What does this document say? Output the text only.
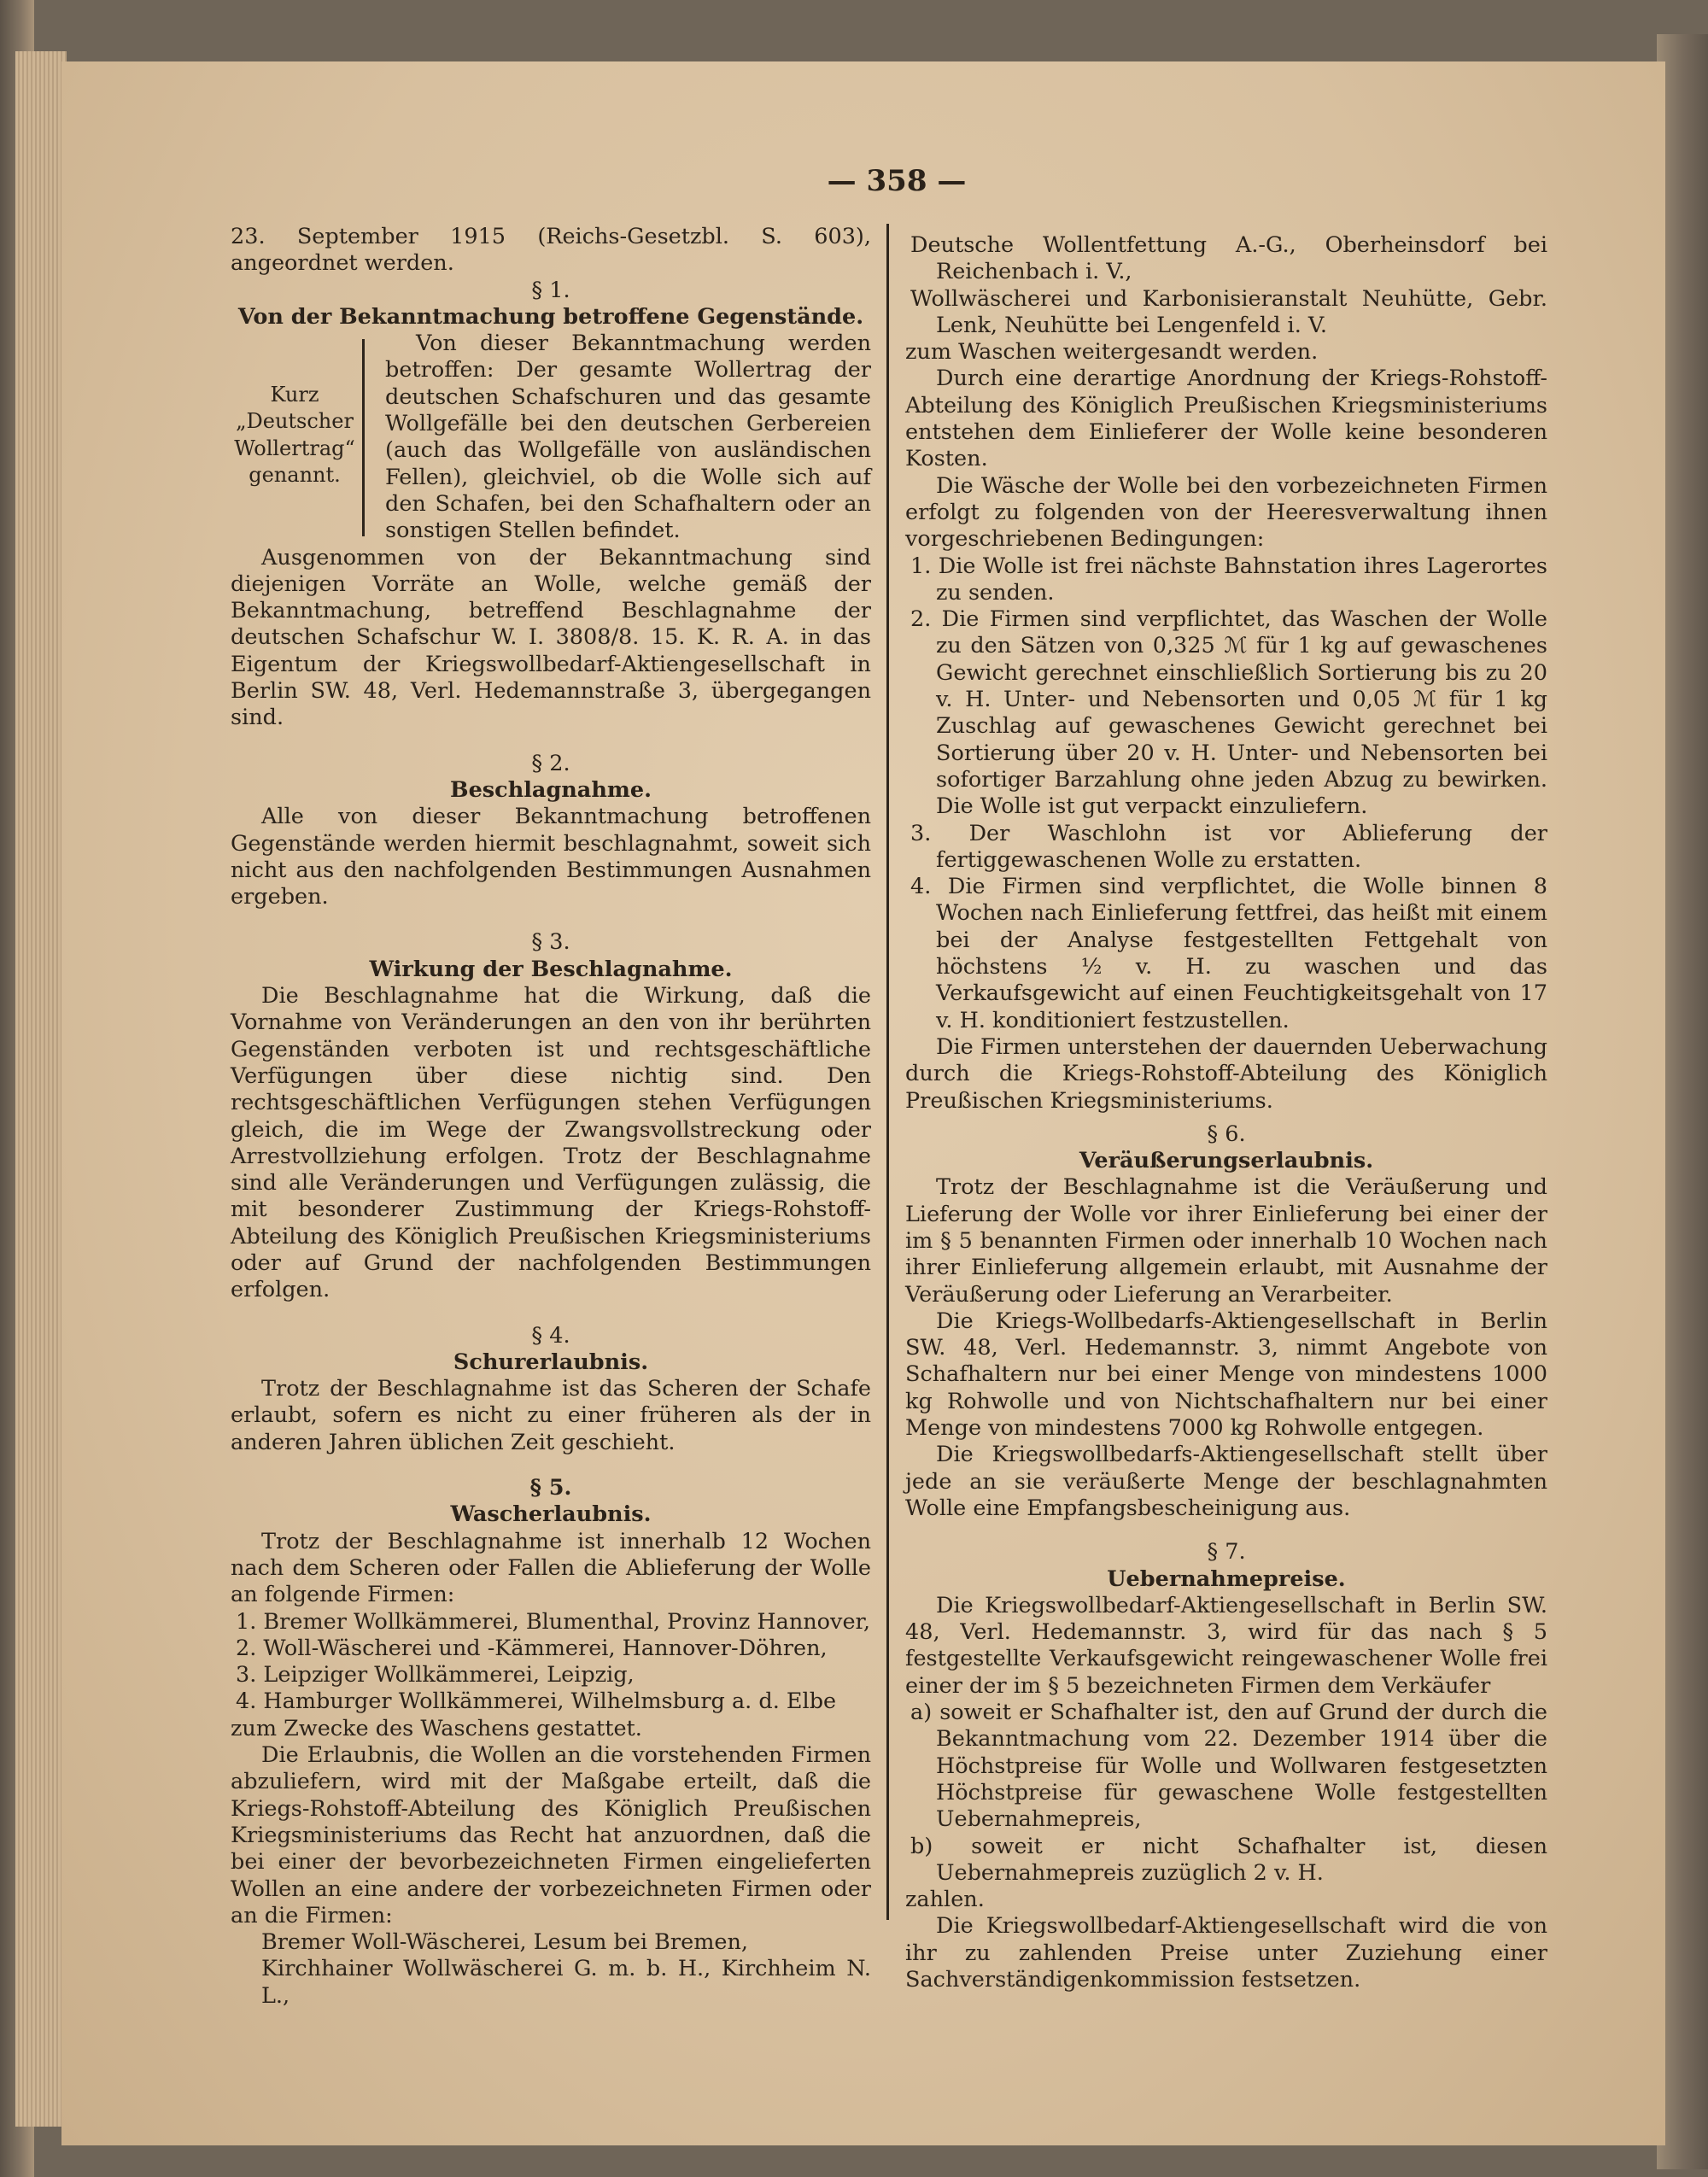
— 358 —

23. September 1915 (Reichs-Gesetzbl. S. 603), angeordnet werden.

§ 1.

Von der Bekanntmachung betroffene Gegenstände.

Kurz „Deutscher Wollertrag“ genannt.

Von dieser Bekanntmachung werden betroffen: Der gesamte Wollertrag der deutschen Schafschuren und das gesamte Wollgefälle bei den deutschen Gerbereien (auch das Wollgefälle von ausländischen Fellen), gleichviel, ob die Wolle sich auf den Schafen, bei den Schafhaltern oder an sonstigen Stellen befindet.

Ausgenommen von der Bekanntmachung sind diejenigen Vorräte an Wolle, welche gemäß der Bekanntmachung, betreffend Beschlagnahme der deutschen Schafschur W. I. 3808/8. 15. K. R. A. in das Eigentum der Kriegswollbedarf-Aktiengesellschaft in Berlin SW. 48, Verl. Hedemannstraße 3, übergegangen sind.

§ 2.

Beschlagnahme.

Alle von dieser Bekanntmachung betroffenen Gegenstände werden hiermit beschlagnahmt, soweit sich nicht aus den nachfolgenden Bestimmungen Ausnahmen ergeben.

§ 3.

Wirkung der Beschlagnahme.

Die Beschlagnahme hat die Wirkung, daß die Vornahme von Veränderungen an den von ihr berührten Gegenständen verboten ist und rechtsgeschäftliche Verfügungen über diese nichtig sind. Den rechtsgeschäftlichen Verfügungen stehen Verfügungen gleich, die im Wege der Zwangsvollstreckung oder Arrestvollziehung erfolgen. Trotz der Beschlagnahme sind alle Veränderungen und Verfügungen zulässig, die mit besonderer Zustimmung der Kriegs-Rohstoff-Abteilung des Königlich Preußischen Kriegsministeriums oder auf Grund der nachfolgenden Bestimmungen erfolgen.

§ 4.

Schurerlaubnis.

Trotz der Beschlagnahme ist das Scheren der Schafe erlaubt, sofern es nicht zu einer früheren als der in anderen Jahren üblichen Zeit geschieht.

§ 5.

Wascherlaubnis.

Trotz der Beschlagnahme ist innerhalb 12 Wochen nach dem Scheren oder Fallen die Ablieferung der Wolle an folgende Firmen:

1. Bremer Wollkämmerei, Blumenthal, Provinz Hannover,

2. Woll-Wäscherei und -Kämmerei, Hannover-Döhren,

3. Leipziger Wollkämmerei, Leipzig,

4. Hamburger Wollkämmerei, Wilhelmsburg a. d. Elbe

zum Zwecke des Waschens gestattet.

Die Erlaubnis, die Wollen an die vorstehenden Firmen abzuliefern, wird mit der Maßgabe erteilt, daß die Kriegs-Rohstoff-Abteilung des Königlich Preußischen Kriegsministeriums das Recht hat anzuordnen, daß die bei einer der bevorbezeichneten Firmen eingelieferten Wollen an eine andere der vorbezeichneten Firmen oder an die Firmen:

Bremer Woll-Wäscherei, Lesum bei Bremen,

Kirchhainer Wollwäscherei G. m. b. H., Kirchheim N. L.,

Deutsche Wollentfettung A.-G., Oberheinsdorf bei Reichenbach i. V.,

Wollwäscherei und Karbonisieranstalt Neuhütte, Gebr. Lenk, Neuhütte bei Lengenfeld i. V.

zum Waschen weitergesandt werden.

Durch eine derartige Anordnung der Kriegs-Rohstoff-Abteilung des Königlich Preußischen Kriegsministeriums entstehen dem Einlieferer der Wolle keine besonderen Kosten.

Die Wäsche der Wolle bei den vorbezeichneten Firmen erfolgt zu folgenden von der Heeresverwaltung ihnen vorgeschriebenen Bedingungen:

1. Die Wolle ist frei nächste Bahnstation ihres Lagerortes zu senden.

2. Die Firmen sind verpflichtet, das Waschen der Wolle zu den Sätzen von 0,325 ℳ für 1 kg auf gewaschenes Gewicht gerechnet einschließlich Sortierung bis zu 20 v. H. Unter- und Nebensorten und 0,05 ℳ für 1 kg Zuschlag auf gewaschenes Gewicht gerechnet bei Sortierung über 20 v. H. Unter- und Nebensorten bei sofortiger Barzahlung ohne jeden Abzug zu bewirken. Die Wolle ist gut verpackt einzuliefern.

3. Der Waschlohn ist vor Ablieferung der fertiggewaschenen Wolle zu erstatten.

4. Die Firmen sind verpflichtet, die Wolle binnen 8 Wochen nach Einlieferung fettfrei, das heißt mit einem bei der Analyse festgestellten Fettgehalt von höchstens ½ v. H. zu waschen und das Verkaufsgewicht auf einen Feuchtigkeitsgehalt von 17 v. H. konditioniert festzustellen.

Die Firmen unterstehen der dauernden Ueberwachung durch die Kriegs-Rohstoff-Abteilung des Königlich Preußischen Kriegsministeriums.

§ 6.

Veräußerungserlaubnis.

Trotz der Beschlagnahme ist die Veräußerung und Lieferung der Wolle vor ihrer Einlieferung bei einer der im § 5 benannten Firmen oder innerhalb 10 Wochen nach ihrer Einlieferung allgemein erlaubt, mit Ausnahme der Veräußerung oder Lieferung an Verarbeiter.

Die Kriegs-Wollbedarfs-Aktiengesellschaft in Berlin SW. 48, Verl. Hedemannstr. 3, nimmt Angebote von Schafhaltern nur bei einer Menge von mindestens 1000 kg Rohwolle und von Nichtschafhaltern nur bei einer Menge von mindestens 7000 kg Rohwolle entgegen.

Die Kriegswollbedarfs-Aktiengesellschaft stellt über jede an sie veräußerte Menge der beschlagnahmten Wolle eine Empfangsbescheinigung aus.

§ 7.

Uebernahmepreise.

Die Kriegswollbedarf-Aktiengesellschaft in Berlin SW. 48, Verl. Hedemannstr. 3, wird für das nach § 5 festgestellte Verkaufsgewicht reingewaschener Wolle frei einer der im § 5 bezeichneten Firmen dem Verkäufer

a) soweit er Schafhalter ist, den auf Grund der durch die Bekanntmachung vom 22. Dezember 1914 über die Höchstpreise für Wolle und Wollwaren festgesetzten Höchstpreise für gewaschene Wolle festgestellten Uebernahmepreis,

b) soweit er nicht Schafhalter ist, diesen Uebernahmepreis zuzüglich 2 v. H.

zahlen.

Die Kriegswollbedarf-Aktiengesellschaft wird die von ihr zu zahlenden Preise unter Zuziehung einer Sachverständigenkommission festsetzen.
